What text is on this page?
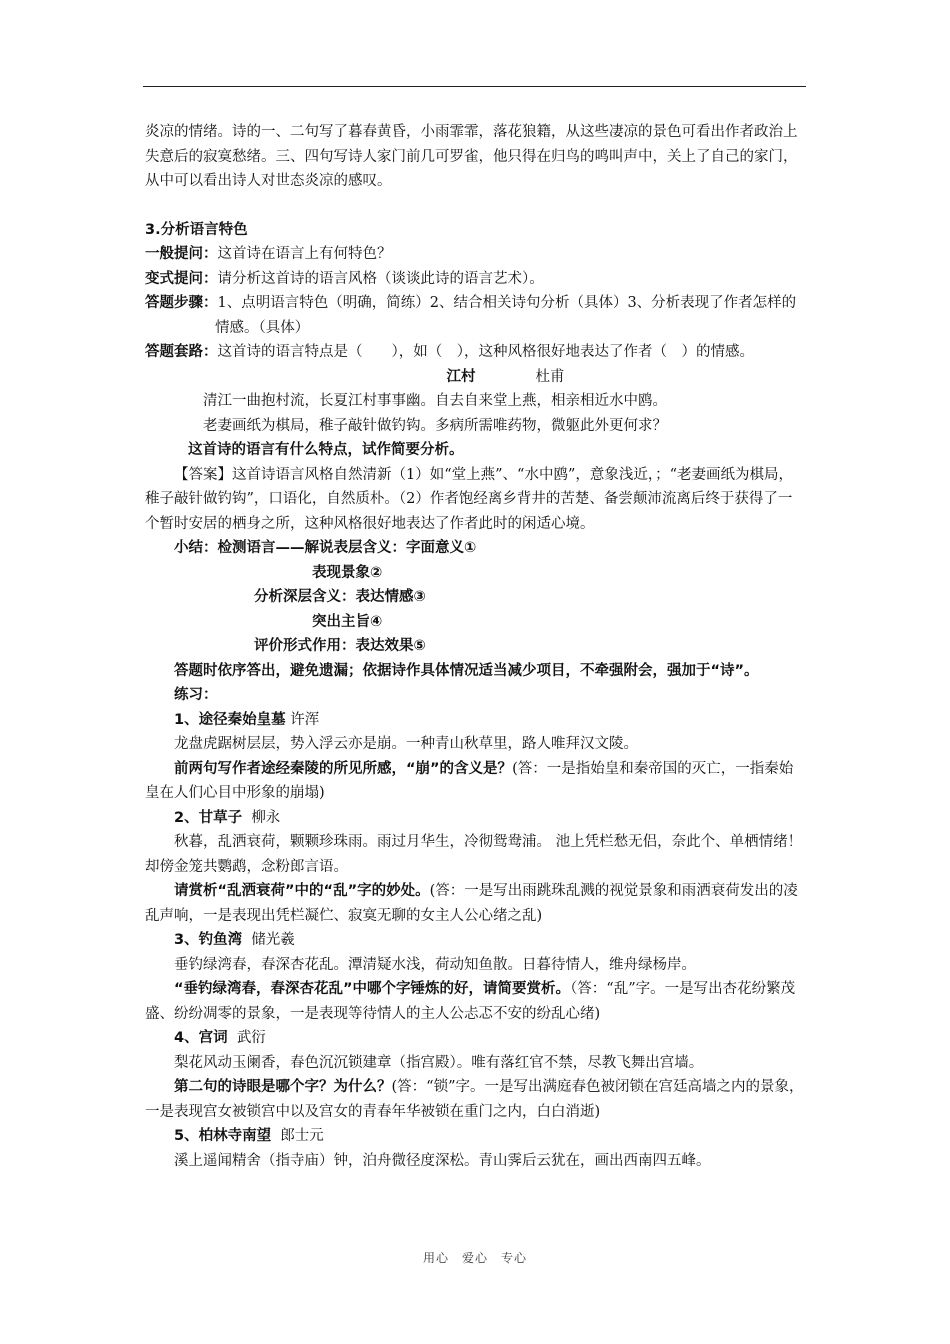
炎凉的情绪。诗的一、二句写了暮春黄昏，小雨霏霏，落花狼籍，从这些凄凉的景色可看出作者政治上失意后的寂寞愁绪。三、四句写诗人家门前几可罗雀，他只得在归鸟的鸣叫声中，关上了自己的家门，从中可以看出诗人对世态炎凉的感叹。

3.分析语言特色

一般提问：这首诗在语言上有何特色？

变式提问：请分析这首诗的语言风格（谈谈此诗的语言艺术）。

答题步骤：1、点明语言特色（明确，简练）2、结合相关诗句分析（具体）3、分析表现了作者怎样的情感。（具体）

答题套路：这首诗的语言特点是（　　），如（　），这种风格很好地表达了作者（　）的情感。

江村	杜甫

清江一曲抱村流，长夏江村事事幽。自去自来堂上燕，相亲相近水中鸥。

老妻画纸为棋局，稚子敲针做钓钩。多病所需唯药物，微躯此外更何求？

这首诗的语言有什么特点，试作简要分析。

【答案】这首诗语言风格自然清新（1）如“堂上燕”、“水中鸥”，意象浅近，；“老妻画纸为棋局，稚子敲针做钓钩”，口语化，自然质朴。（2）作者饱经离乡背井的苦楚、备尝颠沛流离后终于获得了一个暂时安居的栖身之所，这种风格很好地表达了作者此时的闲适心境。

小结：检测语言——解说表层含义：字面意义①

表现景象②

分析深层含义：表达情感③

突出主旨④

评价形式作用：表达效果⑤

答题时依序答出，避免遗漏；依据诗作具体情况适当减少项目，不牵强附会，强加于“诗”。

练习：

1、途径秦始皇墓 许浑

龙盘虎踞树层层，势入浮云亦是崩。一种青山秋草里，路人唯拜汉文陵。

前两句写作者途经秦陵的所见所感，“崩”的含义是？(答：一是指始皇和秦帝国的灭亡，一指秦始皇在人们心目中形象的崩塌)

2、甘草子 柳永

秋暮，乱洒衰荷，颗颗珍珠雨。雨过月华生，冷彻鸳鸯浦。 池上凭栏愁无侣，奈此个、单栖情绪！却傍金笼共鹦鹉，念粉郎言语。

请赏析“乱洒衰荷”中的“乱”字的妙处。(答：一是写出雨跳珠乱溅的视觉景象和雨洒衰荷发出的凌乱声响，一是表现出凭栏凝伫、寂寞无聊的女主人公心绪之乱)

3、钓鱼湾 储光羲

垂钓绿湾春，春深杏花乱。潭清疑水浅，荷动知鱼散。日暮待情人，维舟绿杨岸。

“垂钓绿湾春，春深杏花乱”中哪个字锤炼的好，请简要赏析。（答：“乱”字。一是写出杏花纷繁茂盛、纷纷凋零的景象，一是表现等待情人的主人公忐忑不安的纷乱心绪)

4、宫词 武衍

梨花风动玉阑香，春色沉沉锁建章（指宫殿）。唯有落红官不禁，尽教飞舞出宫墙。

第二句的诗眼是哪个字？为什么？(答：“锁”字。一是写出满庭春色被闭锁在宫廷高墙之内的景象，一是表现宫女被锁宫中以及宫女的青春年华被锁在重门之内，白白消逝)

5、柏林寺南望 郎士元

溪上遥闻精舍（指寺庙）钟，泊舟微径度深松。青山霁后云犹在，画出西南四五峰。

用心　爱心　专心
